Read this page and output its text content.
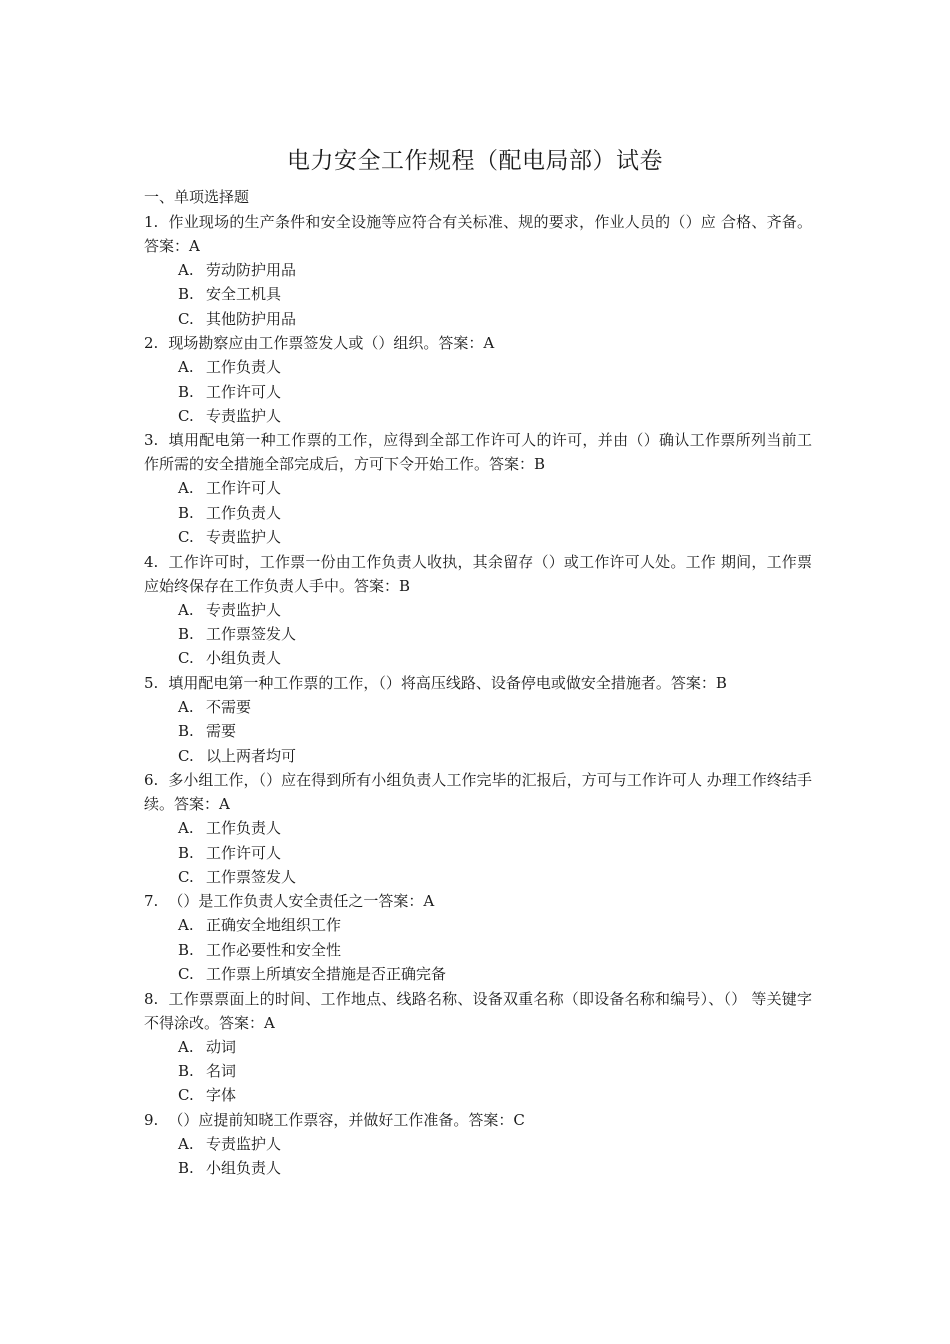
电力安全工作规程（配电局部）试卷
一、单项选择题
1. 作业现场的生产条件和安全设施等应符合有关标准、规的要求，作业人员的（）应 合格、齐备。答案：A
A. 劳动防护用品
B. 安全工机具
C. 其他防护用品
2. 现场勘察应由工作票签发人或（）组织。答案：A
A. 工作负责人
B. 工作许可人
C. 专责监护人
3. 填用配电第一种工作票的工作，应得到全部工作许可人的许可，并由（）确认工作票所列当前工作所需的安全措施全部完成后，方可下令开始工作。答案：B
A. 工作许可人
B. 工作负责人
C. 专责监护人
4. 工作许可时，工作票一份由工作负责人收执，其余留存（）或工作许可人处。工作 期间，工作票应始终保存在工作负责人手中。答案：B
A. 专责监护人
B. 工作票签发人
C. 小组负责人
5. 填用配电第一种工作票的工作，（）将高压线路、设备停电或做安全措施者。答案：B
A. 不需要
B. 需要
C. 以上两者均可
6. 多小组工作，（）应在得到所有小组负责人工作完毕的汇报后，方可与工作许可人 办理工作终结手续。答案：A
A. 工作负责人
B. 工作许可人
C. 工作票签发人
7. （）是工作负责人安全责任之一答案：A
A. 正确安全地组织工作
B. 工作必要性和安全性
C. 工作票上所填安全措施是否正确完备
8. 工作票票面上的时间、工作地点、线路名称、设备双重名称（即设备名称和编号）、（） 等关键字不得涂改。答案：A
A. 动词
B. 名词
C. 字体
9. （）应提前知晓工作票容，并做好工作准备。答案：C
A. 专责监护人
B. 小组负责人
